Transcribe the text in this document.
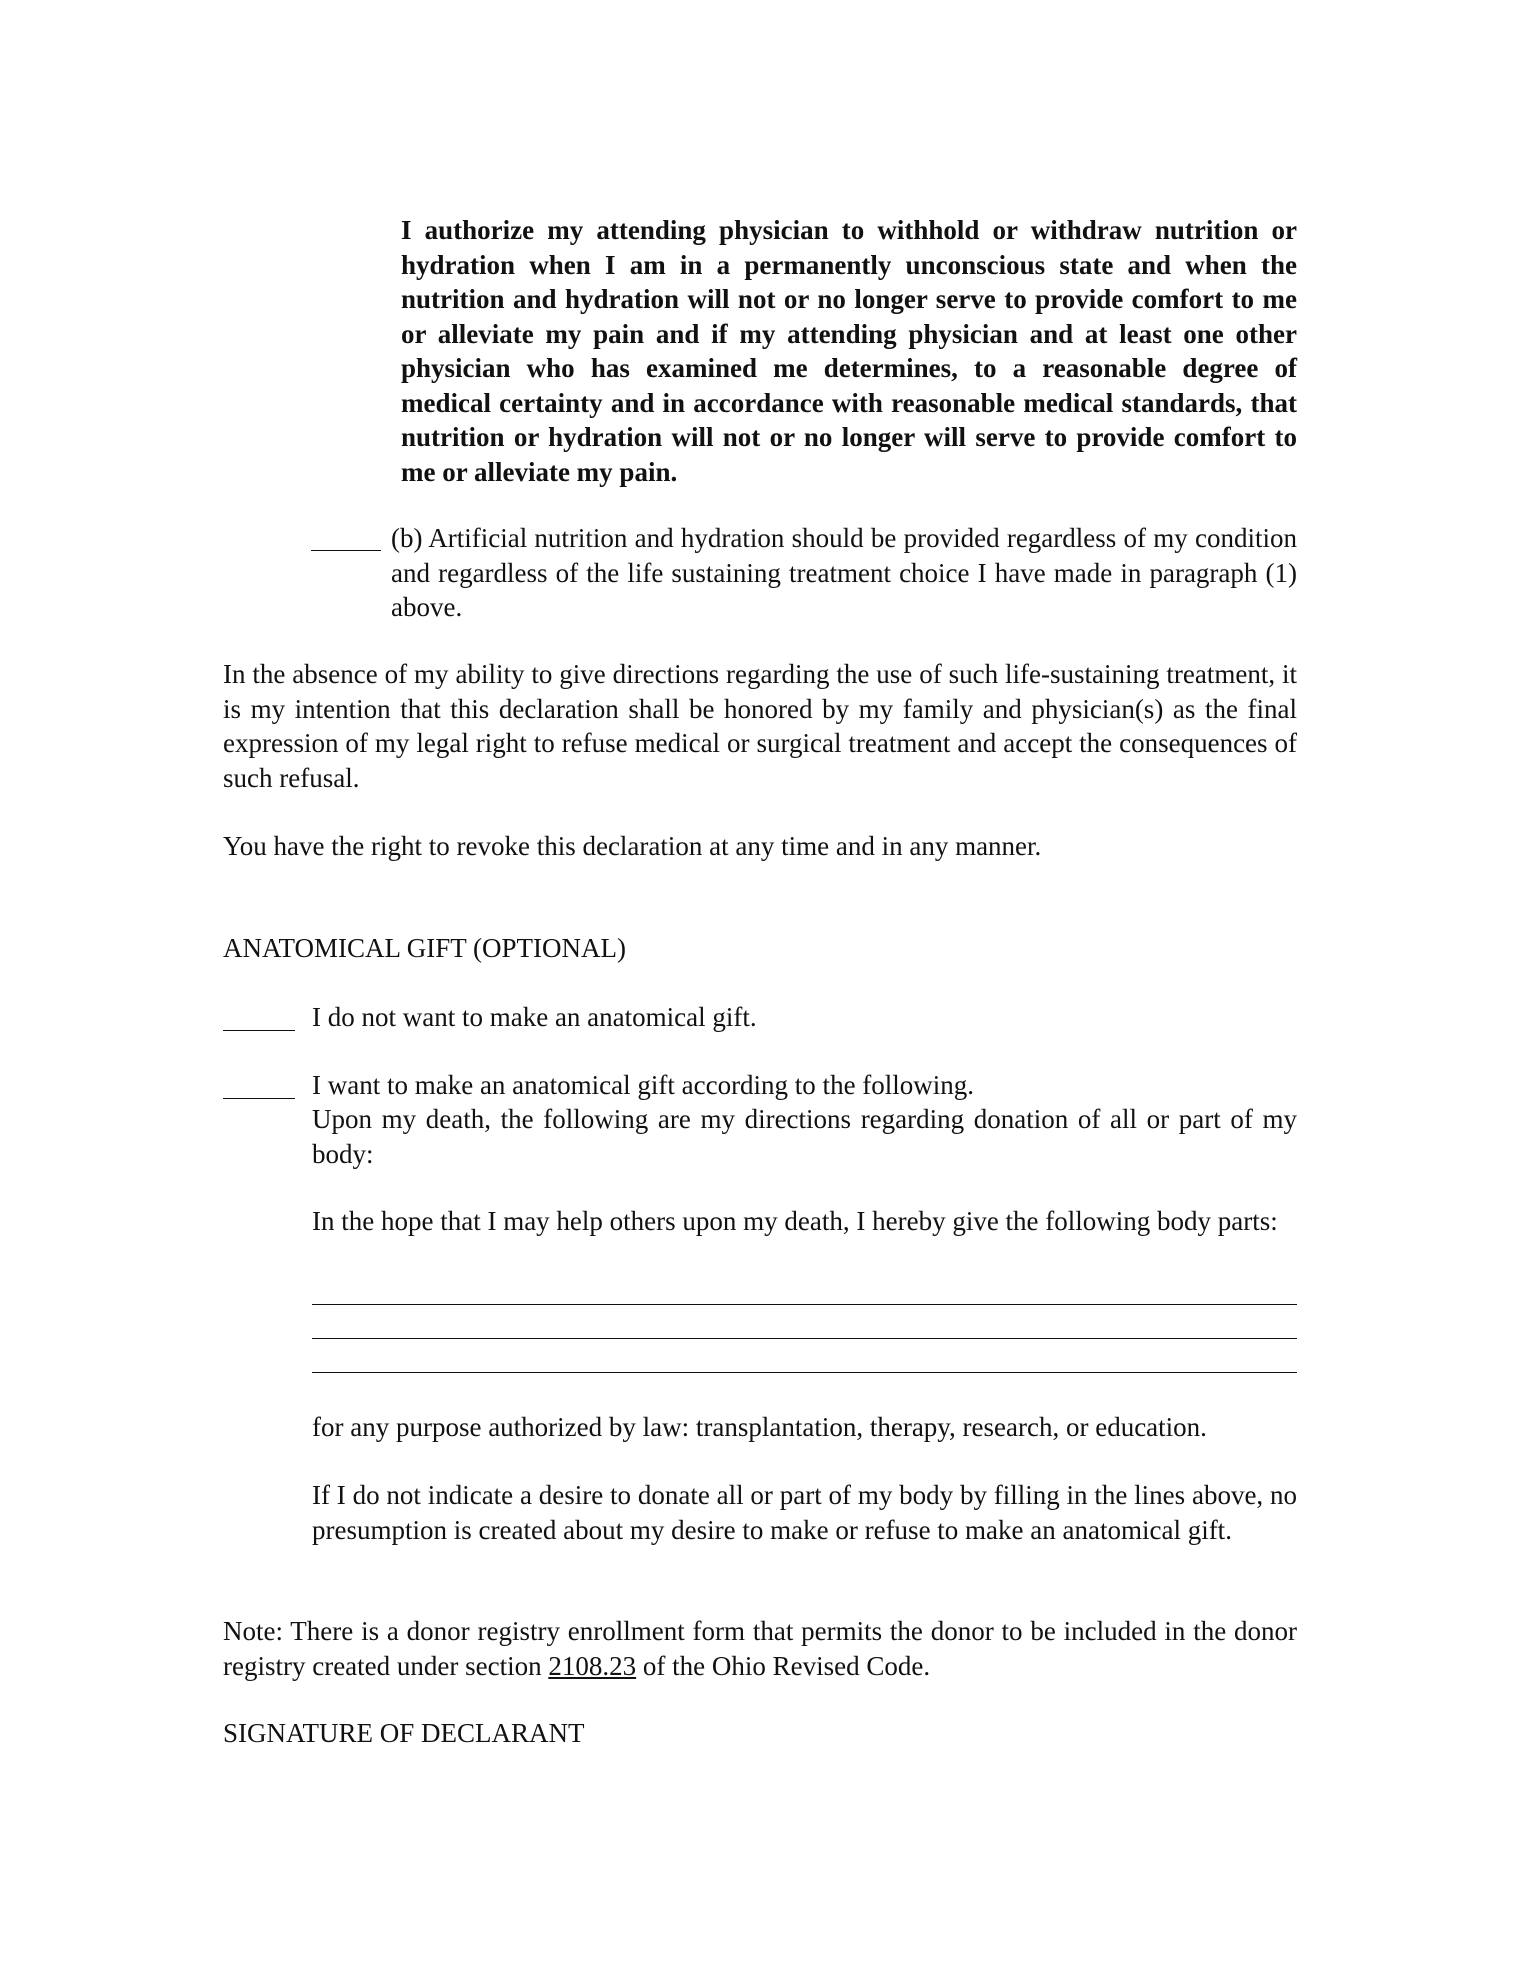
I authorize my attending physician to withhold or withdraw nutrition or hydration when I am in a permanently unconscious state and when the nutrition and hydration will not or no longer serve to provide comfort to me or alleviate my pain and if my attending physician and at least one other physician who has examined me determines, to a reasonable degree of medical certainty and in accordance with reasonable medical standards, that nutrition or hydration will not or no longer will serve to provide comfort to me or alleviate my pain.

(b) Artificial nutrition and hydration should be provided regardless of my condition and regardless of the life sustaining treatment choice I have made in paragraph (1) above.

In the absence of my ability to give directions regarding the use of such life-sustaining treatment, it is my intention that this declaration shall be honored by my family and physician(s) as the final expression of my legal right to refuse medical or surgical treatment and accept the consequences of such refusal.

You have the right to revoke this declaration at any time and in any manner.

ANATOMICAL GIFT (OPTIONAL)

I do not want to make an anatomical gift.

I want to make an anatomical gift according to the following.

Upon my death, the following are my directions regarding donation of all or part of my body:

In the hope that I may help others upon my death, I hereby give the following body parts:

for any purpose authorized by law: transplantation, therapy, research, or education.

If I do not indicate a desire to donate all or part of my body by filling in the lines above, no presumption is created about my desire to make or refuse to make an anatomical gift.

Note: There is a donor registry enrollment form that permits the donor to be included in the donor registry created under section 2108.23 of the Ohio Revised Code.

SIGNATURE OF DECLARANT
